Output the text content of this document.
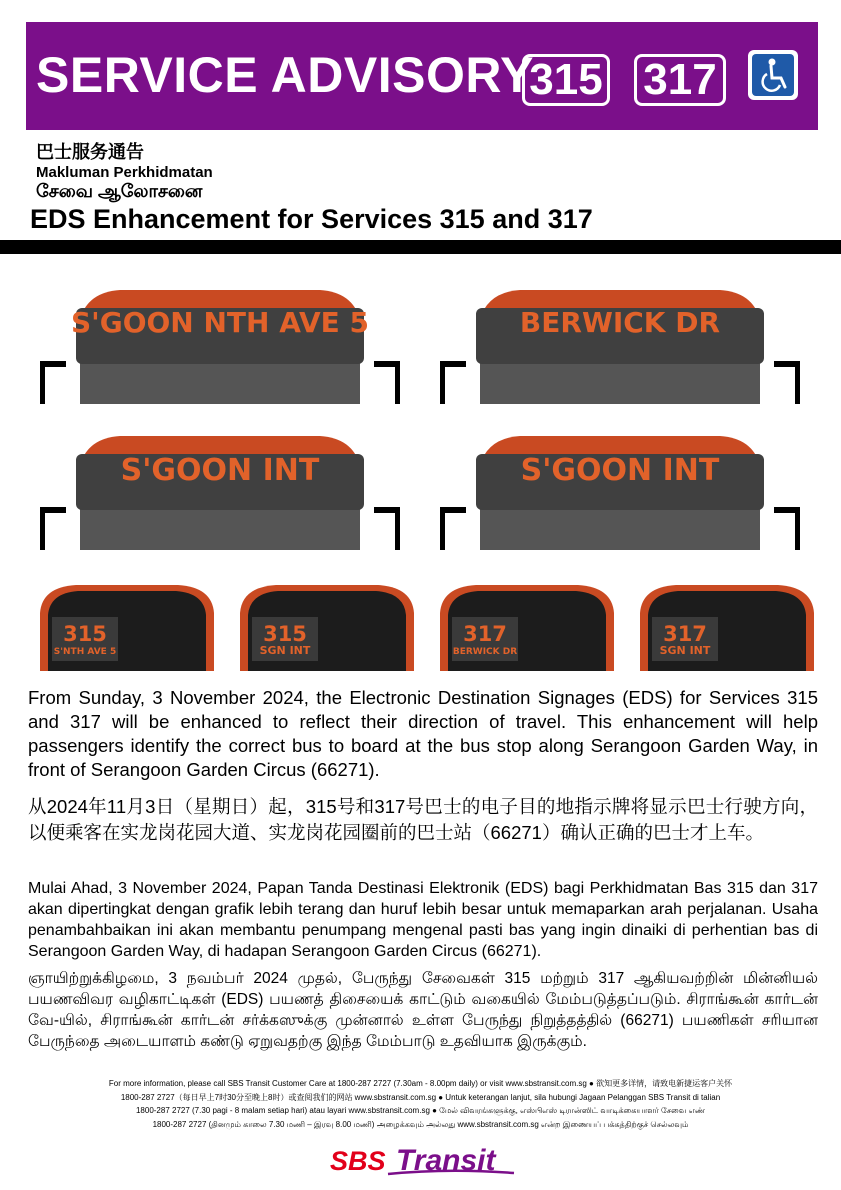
SERVICE ADVISORY
315 317
巴士服务通告
Makluman Perkhidmatan
சேவை ஆலோசனை
EDS Enhancement for Services 315 and 317
S'GOON NTH AVE 5	BERWICK DR
S'GOON INT	S'GOON INT
315
S'NTH AVE 5
315
SGN INT
317
BERWICK DR
317
SGN INT
From Sunday, 3 November 2024, the Electronic Destination Signages (EDS) for Services 315 and 317 will be enhanced to reflect their direction of travel. This enhancement will help passengers identify the correct bus to board at the bus stop along Serangoon Garden Way, in front of Serangoon Garden Circus (66271).
从2024年11月3日（星期日）起，315号和317号巴士的电子目的地指示牌将显示巴士行驶方向，以便乘客在实龙岗花园大道、实龙岗花园圈前的巴士站（66271）确认正确的巴士才上车。
Mulai Ahad, 3 November 2024, Papan Tanda Destinasi Elektronik (EDS) bagi Perkhidmatan Bas 315 dan 317 akan dipertingkat dengan grafik lebih terang dan huruf lebih besar untuk memaparkan arah perjalanan. Usaha penambahbaikan ini akan membantu penumpang mengenal pasti bas yang ingin dinaiki di perhentian bas di Serangoon Garden Way, di hadapan Serangoon Garden Circus (66271).
ஞாயிற்றுக்கிழமை, 3 நவம்பர் 2024 முதல், பேருந்து சேவைகள் 315 மற்றும் 317 ஆகியவற்றின் மின்னியல் பயணவிவர வழிகாட்டிகள் (EDS) பயணத் திசையைக் காட்டும் வகையில் மேம்படுத்தப்படும். சிராங்கூன் கார்டன் வே-யில், சிராங்கூன் கார்டன் சர்க்கஸுக்கு முன்னால் உள்ள பேருந்து நிறுத்தத்தில் (66271) பயணிகள் சரியான பேருந்தை அடையாளம் கண்டு ஏறுவதற்கு இந்த மேம்பாடு உதவியாக இருக்கும்.
For more information, please call SBS Transit Customer Care at 1800-287 2727 (7.30am - 8.00pm daily) or visit www.sbstransit.com.sg ● 欲知更多详情，请致电新捷运客户关怀
1800-287 2727（每日早上7时30分至晚上8时）或查阅我们的网站 www.sbstransit.com.sg ● Untuk keterangan lanjut, sila hubungi Jagaan Pelanggan SBS Transit di talian
1800-287 2727 (7.30 pagi - 8 malam setiap hari) atau layari www.sbstransit.com.sg ● மேல் விவரங்களுக்கு, எஸ்பிஎஸ் டிரான்ஸிட் வாடிக்கையாளர் சேவை எண்
1800-287 2727 (தினமும் காலை 7.30 மணி – இரவு 8.00 மணி) அழைக்கவும் அல்லது www.sbstransit.com.sg என்ற இணையப் பக்கத்திற்குச் செல்லவும்
SBS Transit
